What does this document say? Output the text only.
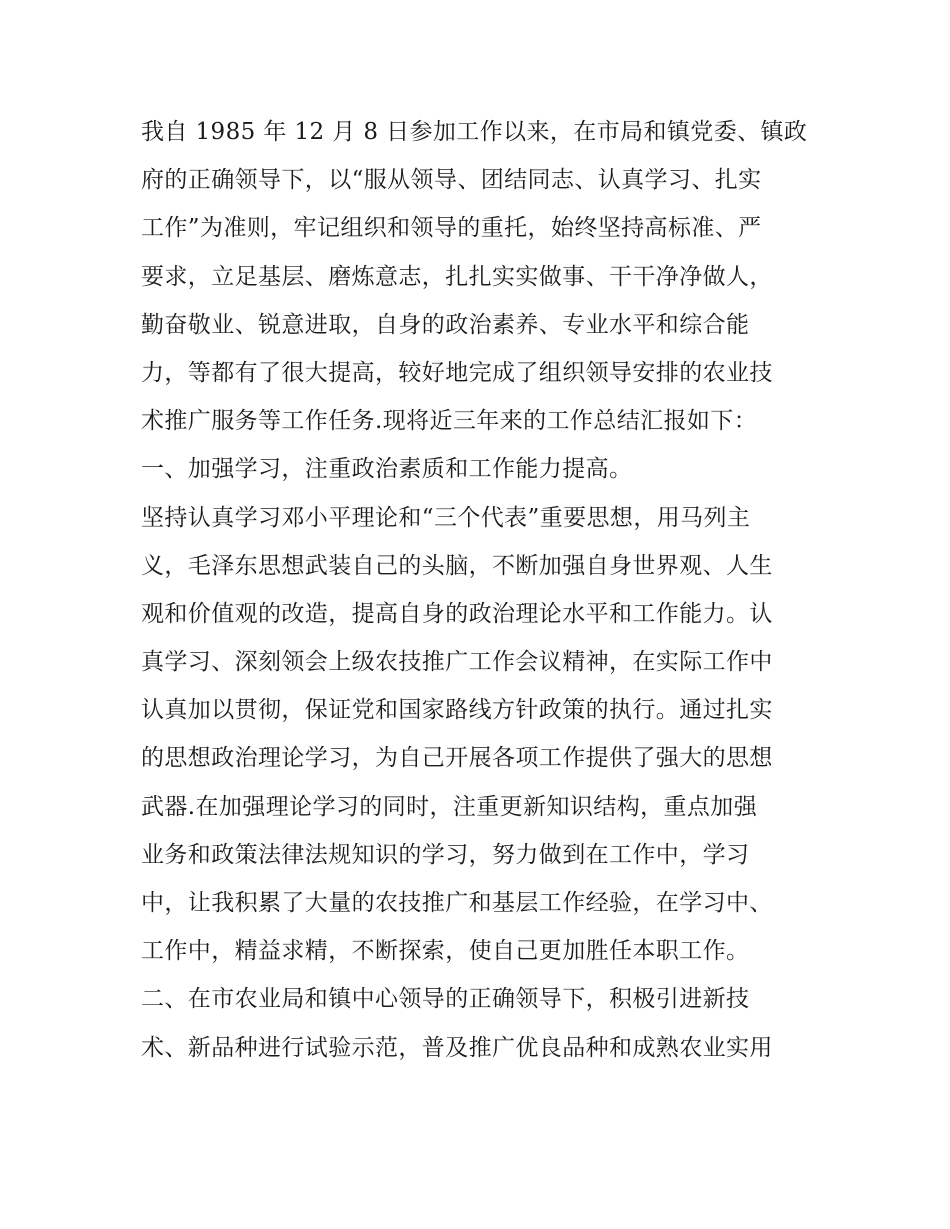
我自 1985 年 12 月 8 日参加工作以来，在市局和镇党委、镇政
府的正确领导下，以“服从领导、团结同志、认真学习、扎实
工作”为准则，牢记组织和领导的重托，始终坚持高标准、严
要求，立足基层、磨炼意志，扎扎实实做事、干干净净做人，
勤奋敬业、锐意进取，自身的政治素养、专业水平和综合能
力，等都有了很大提高，较好地完成了组织领导安排的农业技
术推广服务等工作任务.现将近三年来的工作总结汇报如下：
一、加强学习，注重政治素质和工作能力提高。
坚持认真学习邓小平理论和“三个代表”重要思想，用马列主
义，毛泽东思想武装自己的头脑，不断加强自身世界观、人生
观和价值观的改造，提高自身的政治理论水平和工作能力。认
真学习、深刻领会上级农技推广工作会议精神，在实际工作中
认真加以贯彻，保证党和国家路线方针政策的执行。通过扎实
的思想政治理论学习，为自己开展各项工作提供了强大的思想
武器.在加强理论学习的同时，注重更新知识结构，重点加强
业务和政策法律法规知识的学习，努力做到在工作中，学习
中，让我积累了大量的农技推广和基层工作经验，在学习中、
工作中，精益求精，不断探索，使自己更加胜任本职工作。
二、在市农业局和镇中心领导的正确领导下，积极引进新技
术、新品种进行试验示范，普及推广优良品种和成熟农业实用
